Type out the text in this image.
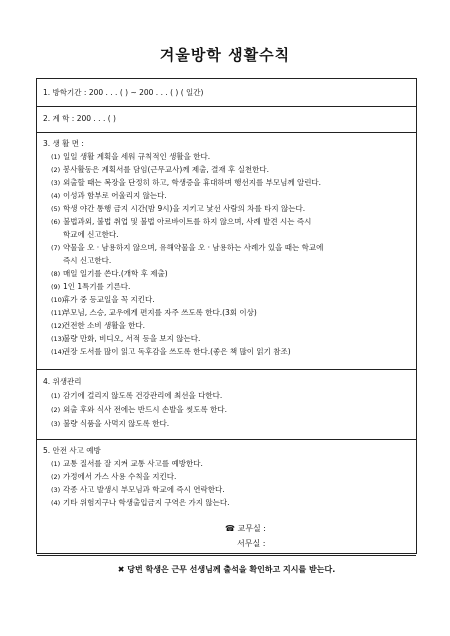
겨울방학 생활수칙
1. 방학기간 : 200 . . . ( ) ~ 200 . . . ( ) ( 일간)
2. 계 학 : 200 . . . ( )
3. 생 활 면 :
(1) 일일 생활 계획을 세워 규칙적인 생활을 한다.
(2) 봉사활동은 계획서를 담임(근무교사)께 제출, 결재 후 실천한다.
(3) 외출할 때는 복장을 단정히 하고, 학생증을 휴대하며 행선지를 부모님께 알린다.
(4) 이성과 함부로 어울리지 않는다.
(5) 학생 야간 통행 금지 시간(밤 9시)을 지키고 낯선 사람의 차를 타지 않는다.
(6) 불법과외, 불법 취업 및 불법 아르바이트를 하지 않으며, 사례 발견 시는 즉시
학교에 신고한다.
(7) 약물을 오 · 남용하지 않으며, 유해약물을 오 · 남용하는 사례가 있을 때는 학교에
즉시 신고한다.
(8) 매일 일기를 쓴다.(개학 후 제출)
(9) 1인 1특기를 기른다.
(10)휴가 중 등교일을 꼭 지킨다.
(11)부모님, 스승, 교우에게 편지를 자주 쓰도록 한다.(3회 이상)
(12)건전한 소비 생활을 한다.
(13)불량 만화, 비디오, 서적 등을 보지 않는다.
(14)권장 도서를 많이 읽고 독후감을 쓰도록 한다.(좋은 책 많이 읽기 참조)
4. 위생관리
(1) 감기에 걸리지 않도록 건강관리에 최선을 다한다.
(2) 외출 후와 식사 전에는 반드시 손발을 씻도록 한다.
(3) 불량 식품을 사먹지 않도록 한다.
5. 안전 사고 예방
(1) 교통 질서를 잘 지켜 교통 사고를 예방한다.
(2) 가정에서 가스 사용 수칙을 지킨다.
(3) 각종 사고 발생시 부모님과 학교에 즉시 연락한다.
(4) 기타 위험지구나 학생출입금지 구역은 가지 않는다.
☎ 교무실 :
서무실 :
✖ 당번 학생은 근무 선생님께 출석을 확인하고 지시를 받는다.
